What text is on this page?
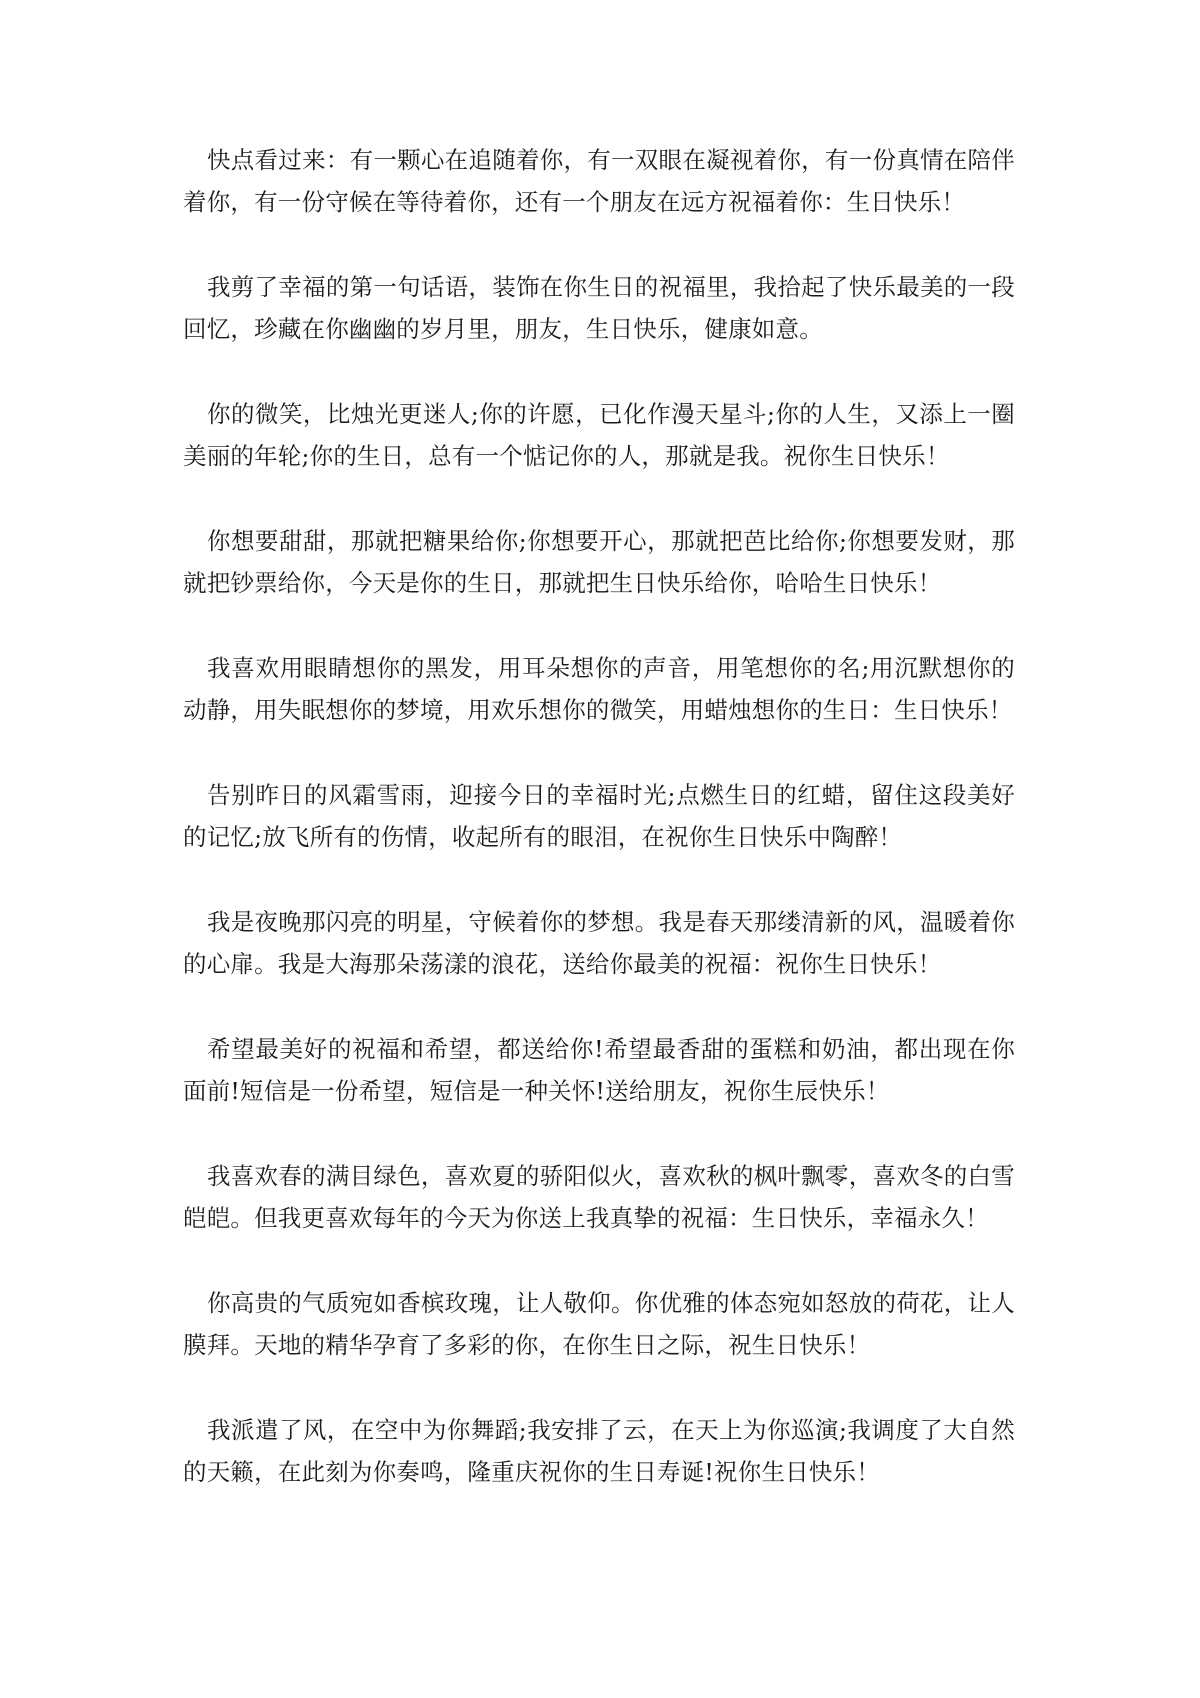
快点看过来：有一颗心在追随着你，有一双眼在凝视着你，有一份真情在陪伴着你，有一份守候在等待着你，还有一个朋友在远方祝福着你：生日快乐！

我剪了幸福的第一句话语，装饰在你生日的祝福里，我拾起了快乐最美的一段回忆，珍藏在你幽幽的岁月里，朋友，生日快乐，健康如意。

你的微笑，比烛光更迷人;你的许愿，已化作漫天星斗;你的人生，又添上一圈美丽的年轮;你的生日，总有一个惦记你的人，那就是我。祝你生日快乐！

你想要甜甜，那就把糖果给你;你想要开心，那就把芭比给你;你想要发财，那就把钞票给你，今天是你的生日，那就把生日快乐给你，哈哈生日快乐！

我喜欢用眼睛想你的黑发，用耳朵想你的声音，用笔想你的名;用沉默想你的动静，用失眠想你的梦境，用欢乐想你的微笑，用蜡烛想你的生日：生日快乐！

告别昨日的风霜雪雨，迎接今日的幸福时光;点燃生日的红蜡，留住这段美好的记忆;放飞所有的伤情，收起所有的眼泪，在祝你生日快乐中陶醉！

我是夜晚那闪亮的明星，守候着你的梦想。我是春天那缕清新的风，温暖着你的心扉。我是大海那朵荡漾的浪花，送给你最美的祝福：祝你生日快乐！

希望最美好的祝福和希望，都送给你!希望最香甜的蛋糕和奶油，都出现在你面前!短信是一份希望，短信是一种关怀!送给朋友，祝你生辰快乐！

我喜欢春的满目绿色，喜欢夏的骄阳似火，喜欢秋的枫叶飘零，喜欢冬的白雪皑皑。但我更喜欢每年的今天为你送上我真挚的祝福：生日快乐，幸福永久！

你高贵的气质宛如香槟玫瑰，让人敬仰。你优雅的体态宛如怒放的荷花，让人膜拜。天地的精华孕育了多彩的你，在你生日之际，祝生日快乐！

我派遣了风，在空中为你舞蹈;我安排了云，在天上为你巡演;我调度了大自然的天籁，在此刻为你奏鸣，隆重庆祝你的生日寿诞!祝你生日快乐！
